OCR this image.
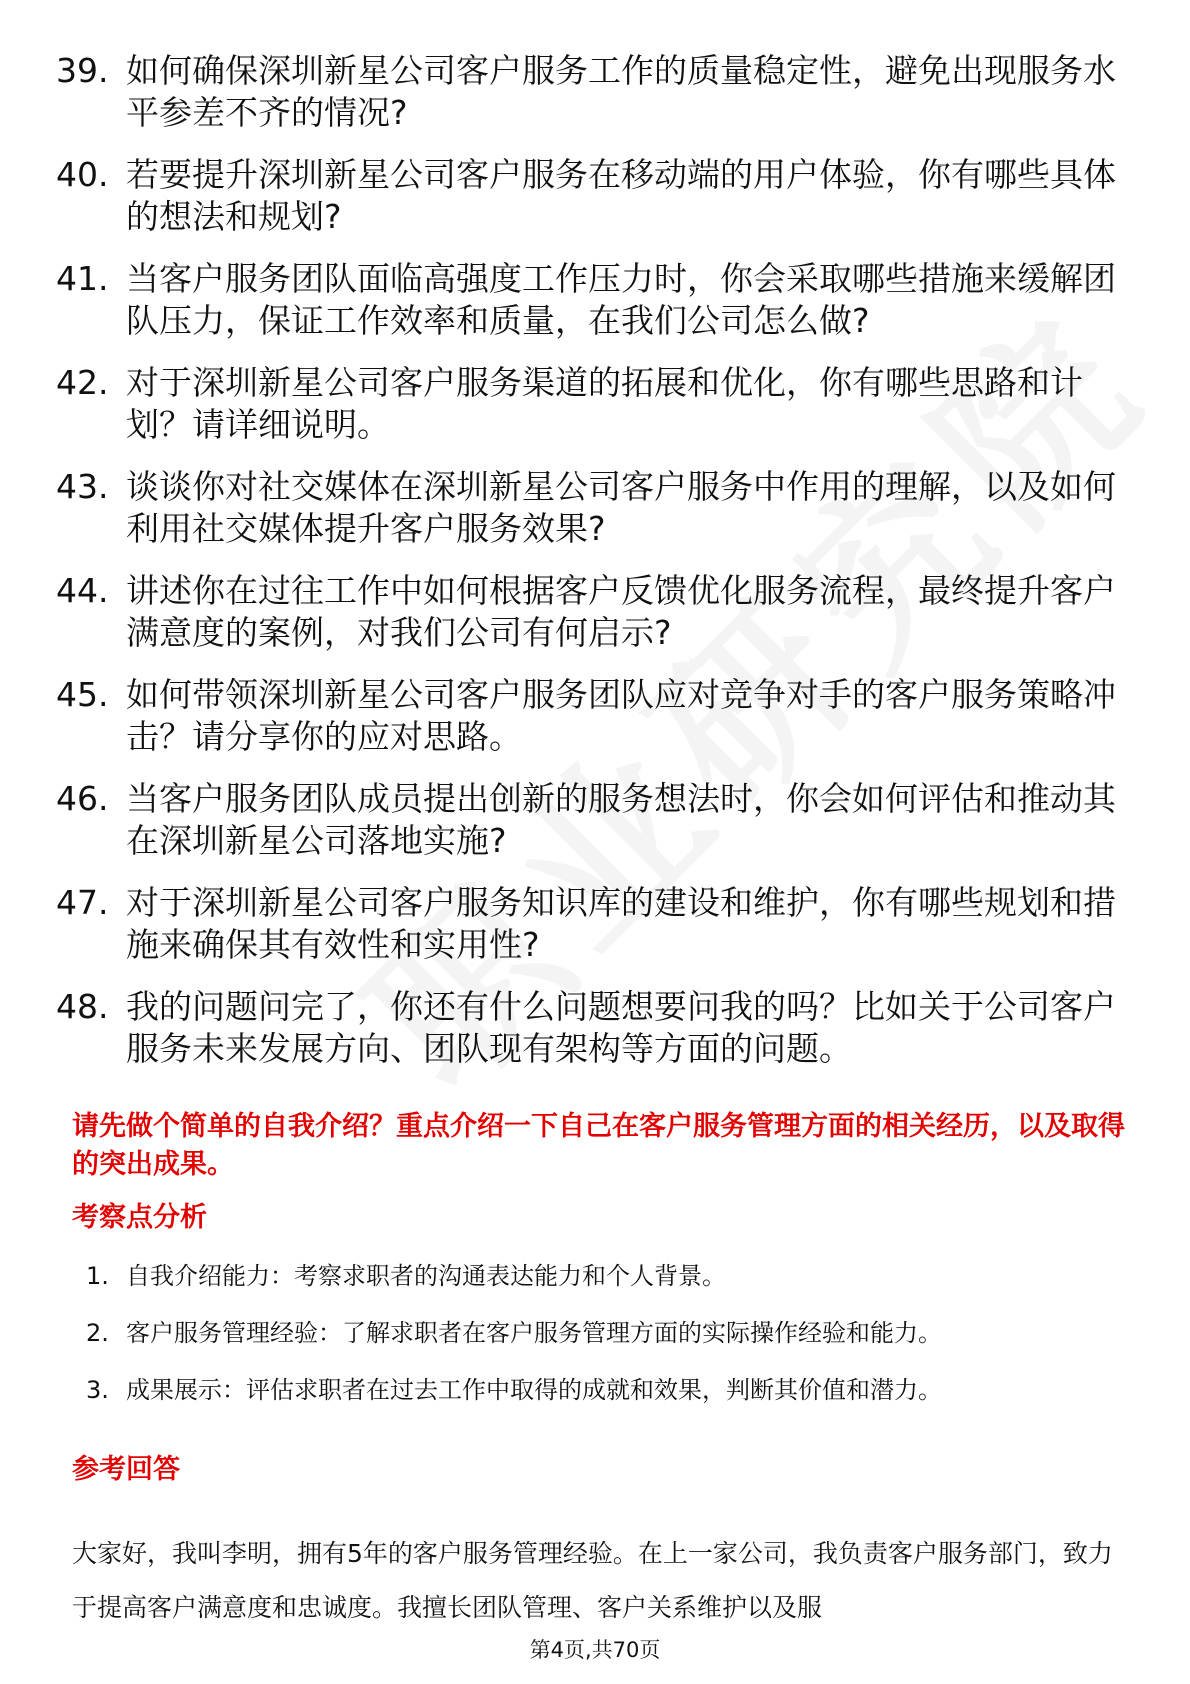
39. 如何确保深圳新星公司客户服务工作的质量稳定性，避免出现服务水平参差不齐的情况?
40. 若要提升深圳新星公司客户服务在移动端的用户体验，你有哪些具体的想法和规划?
41. 当客户服务团队面临高强度工作压力时，你会采取哪些措施来缓解团队压力，保证工作效率和质量，在我们公司怎么做?
42. 对于深圳新星公司客户服务渠道的拓展和优化，你有哪些思路和计划？请详细说明。
43. 谈谈你对社交媒体在深圳新星公司客户服务中作用的理解，以及如何利用社交媒体提升客户服务效果?
44. 讲述你在过往工作中如何根据客户反馈优化服务流程，最终提升客户满意度的案例，对我们公司有何启示?
45. 如何带领深圳新星公司客户服务团队应对竞争对手的客户服务策略冲击？请分享你的应对思路。
46. 当客户服务团队成员提出创新的服务想法时，你会如何评估和推动其在深圳新星公司落地实施?
47. 对于深圳新星公司客户服务知识库的建设和维护，你有哪些规划和措施来确保其有效性和实用性?
48. 我的问题问完了，你还有什么问题想要问我的吗？比如关于公司客户服务未来发展方向、团队现有架构等方面的问题。
请先做个简单的自我介绍？重点介绍一下自己在客户服务管理方面的相关经历，以及取得的突出成果。
考察点分析
1. 自我介绍能力：考察求职者的沟通表达能力和个人背景。
2. 客户服务管理经验：了解求职者在客户服务管理方面的实际操作经验和能力。
3. 成果展示：评估求职者在过去工作中取得的成就和效果，判断其价值和潜力。
参考回答
大家好，我叫李明，拥有5年的客户服务管理经验。在上一家公司，我负责客户服务部门，致力于提高客户满意度和忠诚度。我擅长团队管理、客户关系维护以及服
第4页,共70页
